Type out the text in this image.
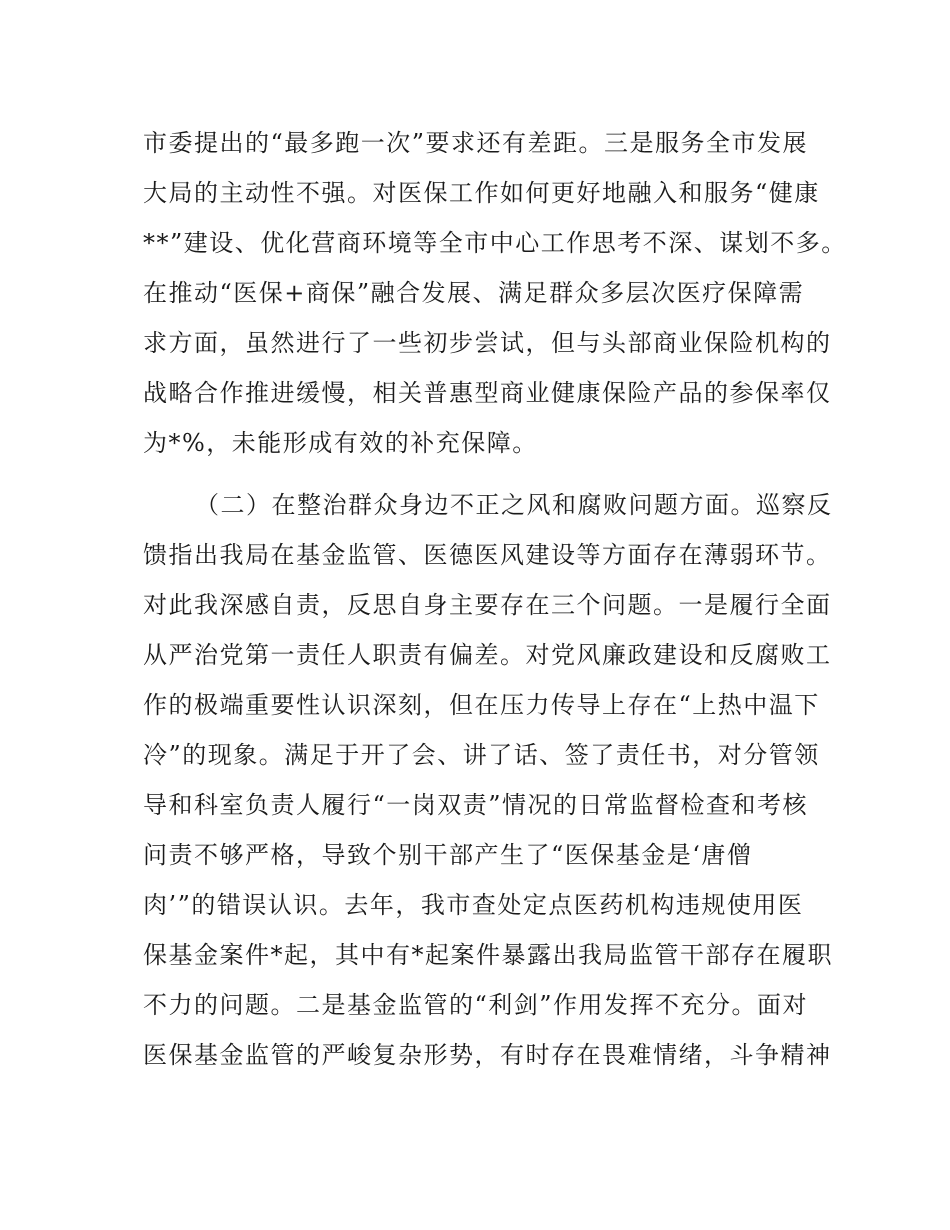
市委提出的“最多跑一次”要求还有差距。三是服务全市发展
大局的主动性不强。对医保工作如何更好地融入和服务“健康
**”建设、优化营商环境等全市中心工作思考不深、谋划不多。
在推动“医保+商保”融合发展、满足群众多层次医疗保障需
求方面，虽然进行了一些初步尝试，但与头部商业保险机构的
战略合作推进缓慢，相关普惠型商业健康保险产品的参保率仅
为*%，未能形成有效的补充保障。
（二）在整治群众身边不正之风和腐败问题方面。巡察反
馈指出我局在基金监管、医德医风建设等方面存在薄弱环节。
对此我深感自责，反思自身主要存在三个问题。一是履行全面
从严治党第一责任人职责有偏差。对党风廉政建设和反腐败工
作的极端重要性认识深刻，但在压力传导上存在“上热中温下
冷”的现象。满足于开了会、讲了话、签了责任书，对分管领
导和科室负责人履行“一岗双责”情况的日常监督检查和考核
问责不够严格，导致个别干部产生了“医保基金是‘唐僧
肉’”的错误认识。去年，我市查处定点医药机构违规使用医
保基金案件*起，其中有*起案件暴露出我局监管干部存在履职
不力的问题。二是基金监管的“利剑”作用发挥不充分。面对
医保基金监管的严峻复杂形势，有时存在畏难情绪，斗争精神
